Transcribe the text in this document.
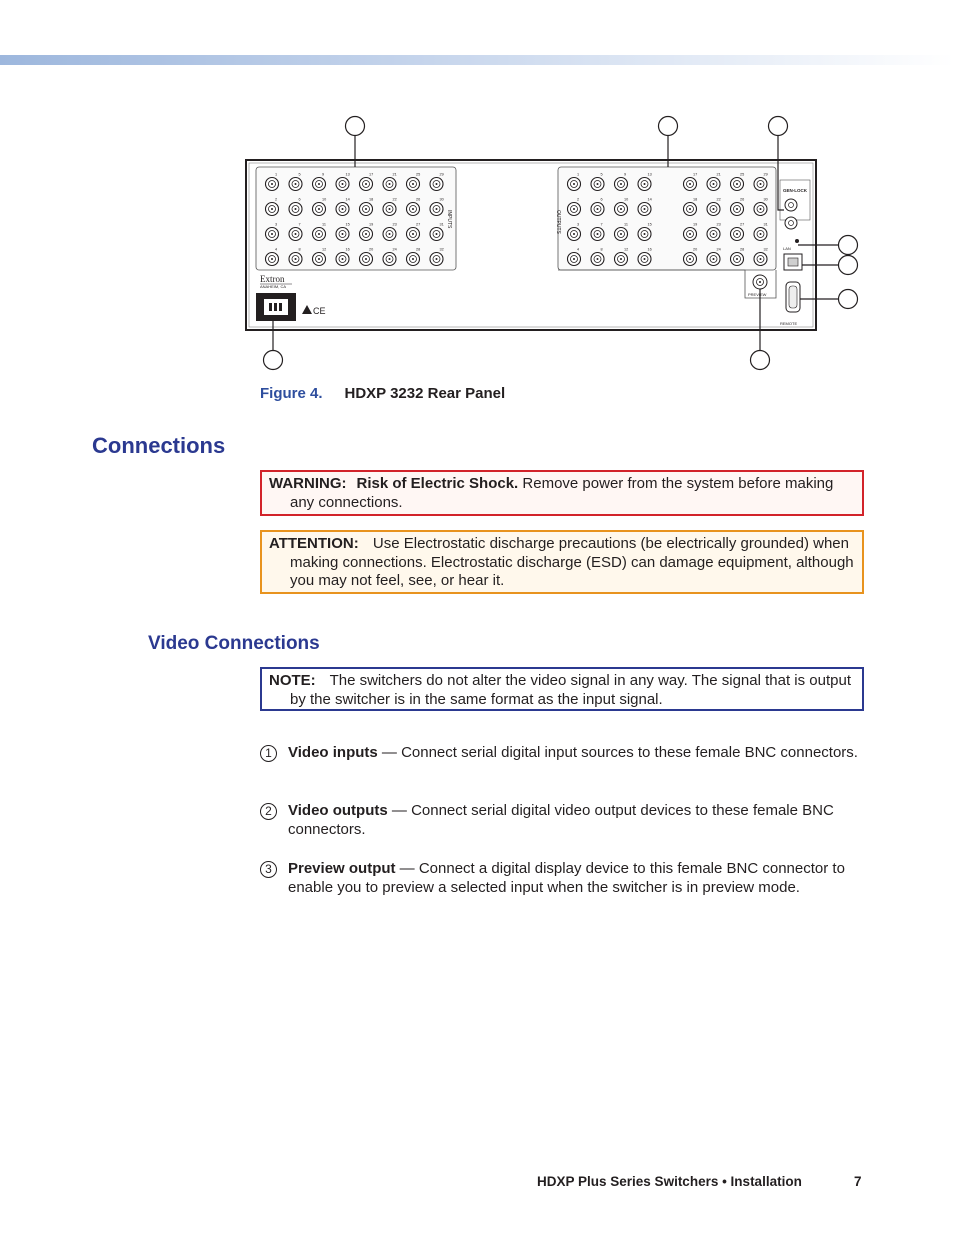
1	5	9	13	17	21	25	29
2	6	10	14	18	22	26	30
3	7	11	15	19	23	27	31
4	8	12	16	20	24	28	32
1	5	9	13	17	21	25	29
2	6	10	14	18	22	26	30
3	7	11	15	19	23	27	31
4	8	12	16	20	24	28	32
PREVIEW
GEN-LOCK
LAN
REMOTE
Extron
ANAHEIM, CA
CE
INPUTS	OUTPUTS
Figure 4. HDXP 3232 Rear Panel
Connections
WARNING: Risk of Electric Shock. Remove power from the system before making any connections.
ATTENTION: Use Electrostatic discharge precautions (be electrically grounded) when making connections. Electrostatic discharge (ESD) can damage equipment, although you may not feel, see, or hear it.
Video Connections
NOTE: The switchers do not alter the video signal in any way. The signal that is output by the switcher is in the same format as the input signal.
1	Video inputs — Connect serial digital input sources to these female BNC connectors.
2	Video outputs — Connect serial digital video output devices to these female BNC connectors.
3	Preview output — Connect a digital display device to this female BNC connector to enable you to preview a selected input when the switcher is in preview mode.
HDXP Plus Series Switchers • Installation	7
